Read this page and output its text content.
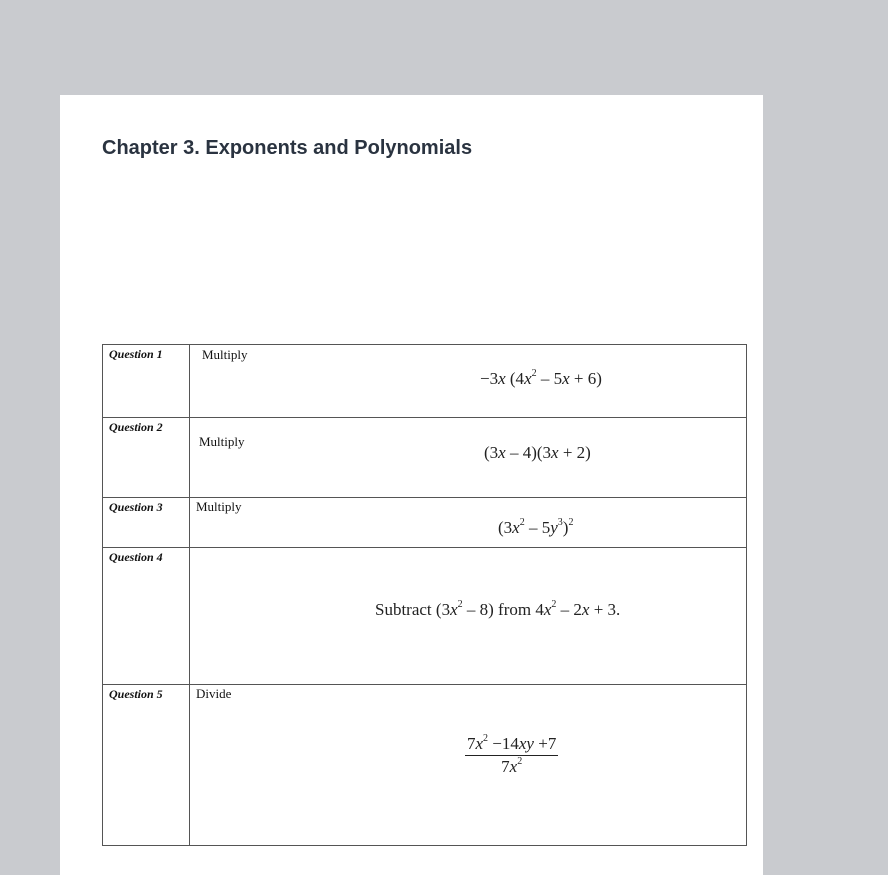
Chapter 3. Exponents and Polynomials
Question 1	Multiply
−3x $(4x^2 - 5x + 6)$

Question 2	Multiply
(3x – 4)(3x + 2)

Question 3	Multiply
$(3x^2 - 5y^3)^2$

Question 4	Subtract $(3x^2 - 8)$ from $4x^2 - 2x + 3$.

Question 5	Divide
$\frac{7x^2 -14xy +7}{7x^2}$
